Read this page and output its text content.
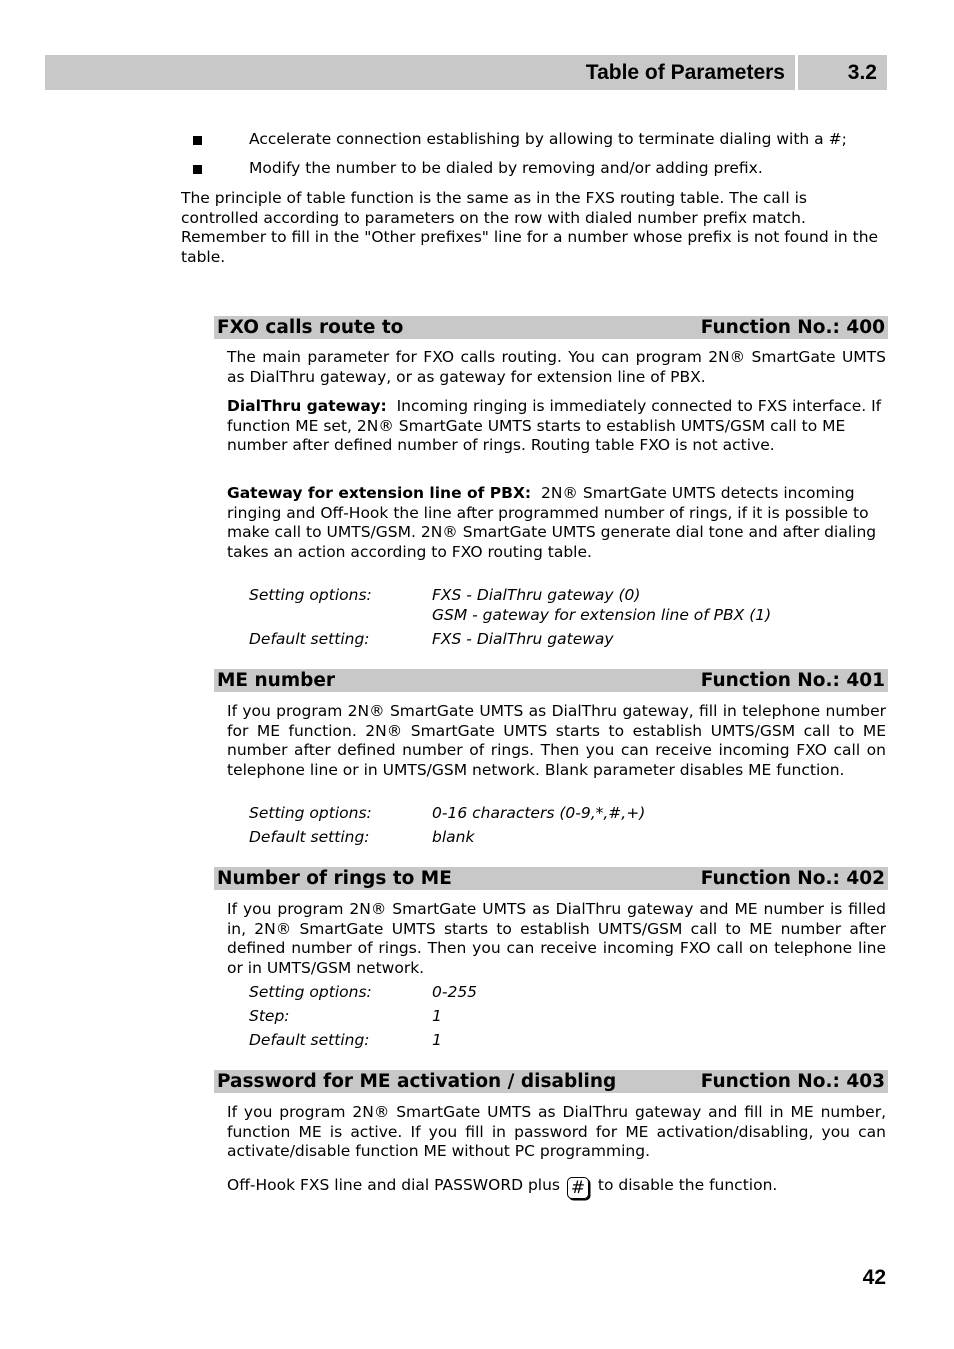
Table of Parameters	3.2
Accelerate connection establishing by allowing to terminate dialing with a #;
Modify the number to be dialed by removing and/or adding prefix.
The principle of table function is the same as in the FXS routing table. The call is controlled according to parameters on the row with dialed number prefix match. Remember to fill in the "Other prefixes" line for a number whose prefix is not found in the table.
FXO calls route to	Function No.: 400
The main parameter for FXO calls routing. You can program 2N® SmartGate UMTS as DialThru gateway, or as gateway for extension line of PBX.
DialThru gateway: Incoming ringing is immediately connected to FXS interface. If function ME set, 2N® SmartGate UMTS starts to establish UMTS/GSM call to ME number after defined number of rings. Routing table FXO is not active.
Gateway for extension line of PBX: 2N® SmartGate UMTS detects incoming ringing and Off-Hook the line after programmed number of rings, if it is possible to make call to UMTS/GSM. 2N® SmartGate UMTS generate dial tone and after dialing takes an action according to FXO routing table.
Setting options:	FXS - DialThru gateway (0)
GSM - gateway for extension line of PBX (1)
Default setting:	FXS - DialThru gateway
ME number	Function No.: 401
If you program 2N® SmartGate UMTS as DialThru gateway, fill in telephone number for ME function. 2N® SmartGate UMTS starts to establish UMTS/GSM call to ME number after defined number of rings. Then you can receive incoming FXO call on telephone line or in UMTS/GSM network. Blank parameter disables ME function.
Setting options:	0-16 characters (0-9,*,#,+)
Default setting:	blank
Number of rings to ME	Function No.: 402
If you program 2N® SmartGate UMTS as DialThru gateway and ME number is filled in, 2N® SmartGate UMTS starts to establish UMTS/GSM call to ME number after defined number of rings. Then you can receive incoming FXO call on telephone line or in UMTS/GSM network.
Setting options:	0-255
Step:	1
Default setting:	1
Password for ME activation / disabling	Function No.: 403
If you program 2N® SmartGate UMTS as DialThru gateway and fill in ME number, function ME is active. If you fill in password for ME activation/disabling, you can activate/disable function ME without PC programming.
Off-Hook FXS line and dial PASSWORD plus # to disable the function.
42
